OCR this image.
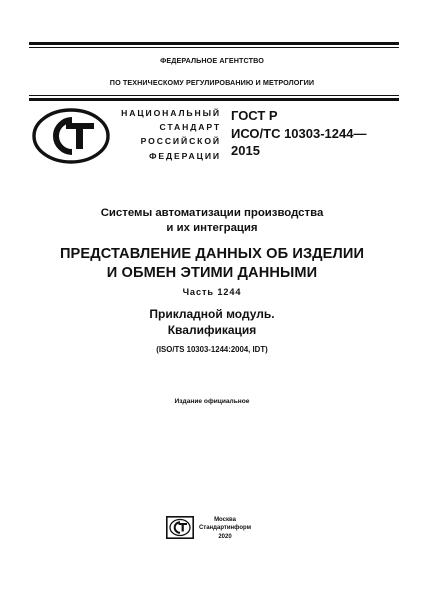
ФЕДЕРАЛЬНОЕ АГЕНТСТВО
ПО ТЕХНИЧЕСКОМУ РЕГУЛИРОВАНИЮ И МЕТРОЛОГИИ
НАЦИОНАЛЬНЫЙ
СТАНДАРТ
РОССИЙСКОЙ
ФЕДЕРАЦИИ
ГОСТ Р
ИСО/ТС 10303-1244—
2015
Системы автоматизации производства
и их интеграция
ПРЕДСТАВЛЕНИЕ ДАННЫХ ОБ ИЗДЕЛИИ
И ОБМЕН ЭТИМИ ДАННЫМИ
Часть 1244
Прикладной модуль.
Квалификация
(ISO/TS 10303-1244:2004, IDT)
Издание официальное
Москва
Стандартинформ
2020
